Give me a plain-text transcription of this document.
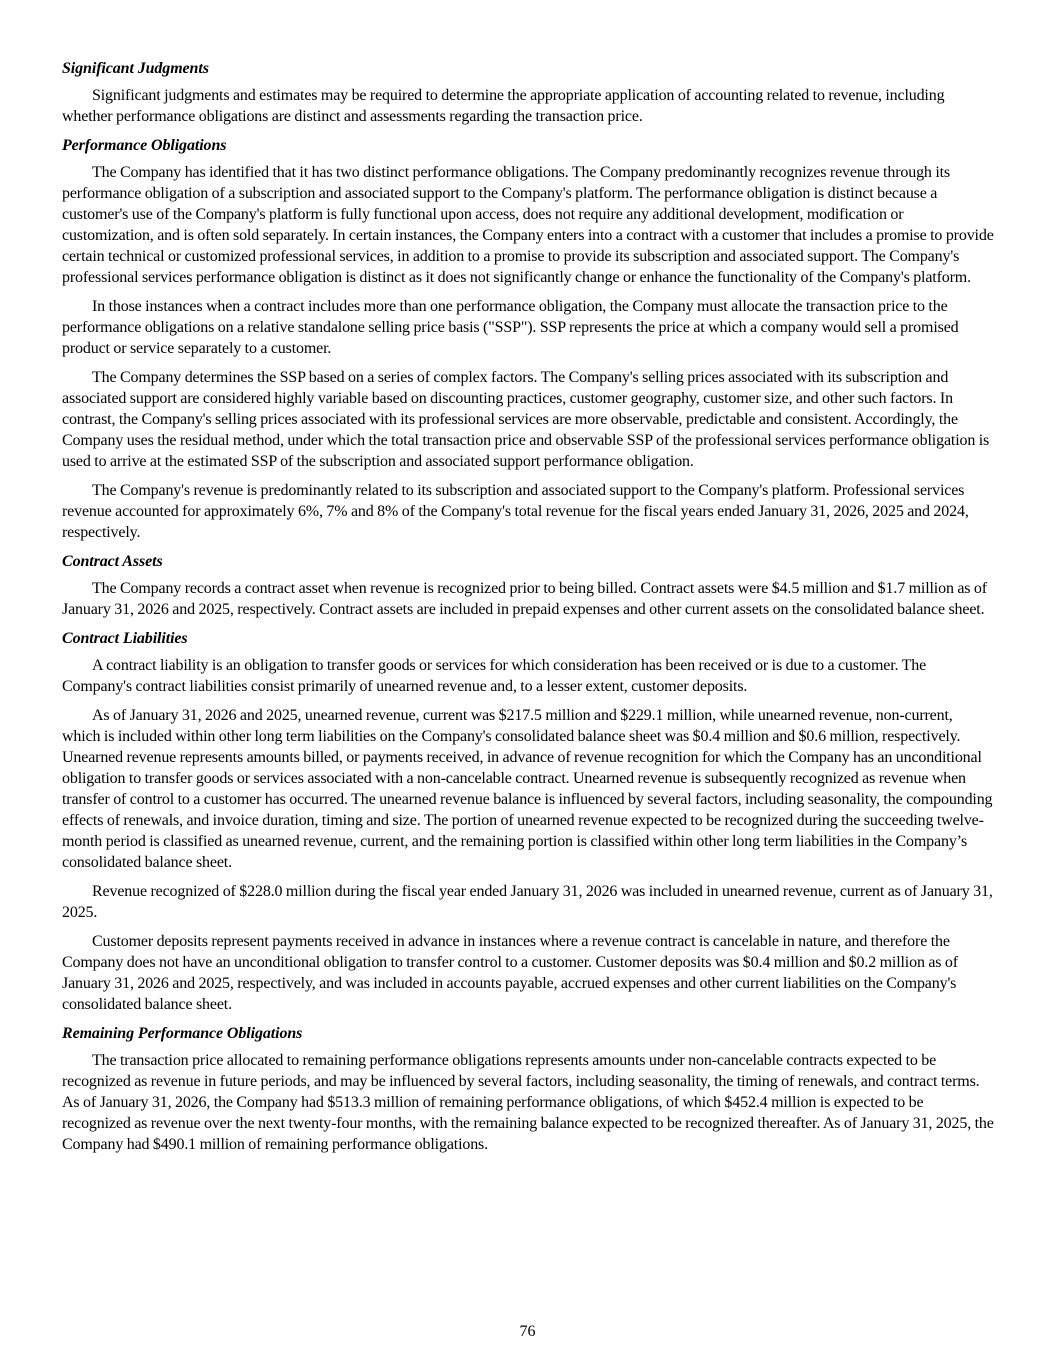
Significant Judgments

Significant judgments and estimates may be required to determine the appropriate application of accounting related to revenue, including whether performance obligations are distinct and assessments regarding the transaction price.

Performance Obligations

The Company has identified that it has two distinct performance obligations. The Company predominantly recognizes revenue through its performance obligation of a subscription and associated support to the Company's platform. The performance obligation is distinct because a customer's use of the Company's platform is fully functional upon access, does not require any additional development, modification or customization, and is often sold separately. In certain instances, the Company enters into a contract with a customer that includes a promise to provide certain technical or customized professional services, in addition to a promise to provide its subscription and associated support. The Company's professional services performance obligation is distinct as it does not significantly change or enhance the functionality of the Company's platform.

In those instances when a contract includes more than one performance obligation, the Company must allocate the transaction price to the performance obligations on a relative standalone selling price basis ("SSP"). SSP represents the price at which a company would sell a promised product or service separately to a customer.

The Company determines the SSP based on a series of complex factors. The Company's selling prices associated with its subscription and associated support are considered highly variable based on discounting practices, customer geography, customer size, and other such factors. In contrast, the Company's selling prices associated with its professional services are more observable, predictable and consistent. Accordingly, the Company uses the residual method, under which the total transaction price and observable SSP of the professional services performance obligation is used to arrive at the estimated SSP of the subscription and associated support performance obligation.

The Company's revenue is predominantly related to its subscription and associated support to the Company's platform. Professional services revenue accounted for approximately 6%, 7% and 8% of the Company's total revenue for the fiscal years ended January 31, 2026, 2025 and 2024, respectively.

Contract Assets

The Company records a contract asset when revenue is recognized prior to being billed. Contract assets were $4.5 million and $1.7 million as of January 31, 2026 and 2025, respectively. Contract assets are included in prepaid expenses and other current assets on the consolidated balance sheet.

Contract Liabilities

A contract liability is an obligation to transfer goods or services for which consideration has been received or is due to a customer. The Company's contract liabilities consist primarily of unearned revenue and, to a lesser extent, customer deposits.

As of January 31, 2026 and 2025, unearned revenue, current was $217.5 million and $229.1 million, while unearned revenue, non-current, which is included within other long term liabilities on the Company's consolidated balance sheet was $0.4 million and $0.6 million, respectively. Unearned revenue represents amounts billed, or payments received, in advance of revenue recognition for which the Company has an unconditional obligation to transfer goods or services associated with a non-cancelable contract. Unearned revenue is subsequently recognized as revenue when transfer of control to a customer has occurred. The unearned revenue balance is influenced by several factors, including seasonality, the compounding effects of renewals, and invoice duration, timing and size. The portion of unearned revenue expected to be recognized during the succeeding twelve-month period is classified as unearned revenue, current, and the remaining portion is classified within other long term liabilities in the Company’s consolidated balance sheet.

Revenue recognized of $228.0 million during the fiscal year ended January 31, 2026 was included in unearned revenue, current as of January 31, 2025.

Customer deposits represent payments received in advance in instances where a revenue contract is cancelable in nature, and therefore the Company does not have an unconditional obligation to transfer control to a customer. Customer deposits was $0.4 million and $0.2 million as of January 31, 2026 and 2025, respectively, and was included in accounts payable, accrued expenses and other current liabilities on the Company's consolidated balance sheet.

Remaining Performance Obligations

The transaction price allocated to remaining performance obligations represents amounts under non-cancelable contracts expected to be recognized as revenue in future periods, and may be influenced by several factors, including seasonality, the timing of renewals, and contract terms. As of January 31, 2026, the Company had $513.3 million of remaining performance obligations, of which $452.4 million is expected to be recognized as revenue over the next twenty-four months, with the remaining balance expected to be recognized thereafter. As of January 31, 2025, the Company had $490.1 million of remaining performance obligations.

76
